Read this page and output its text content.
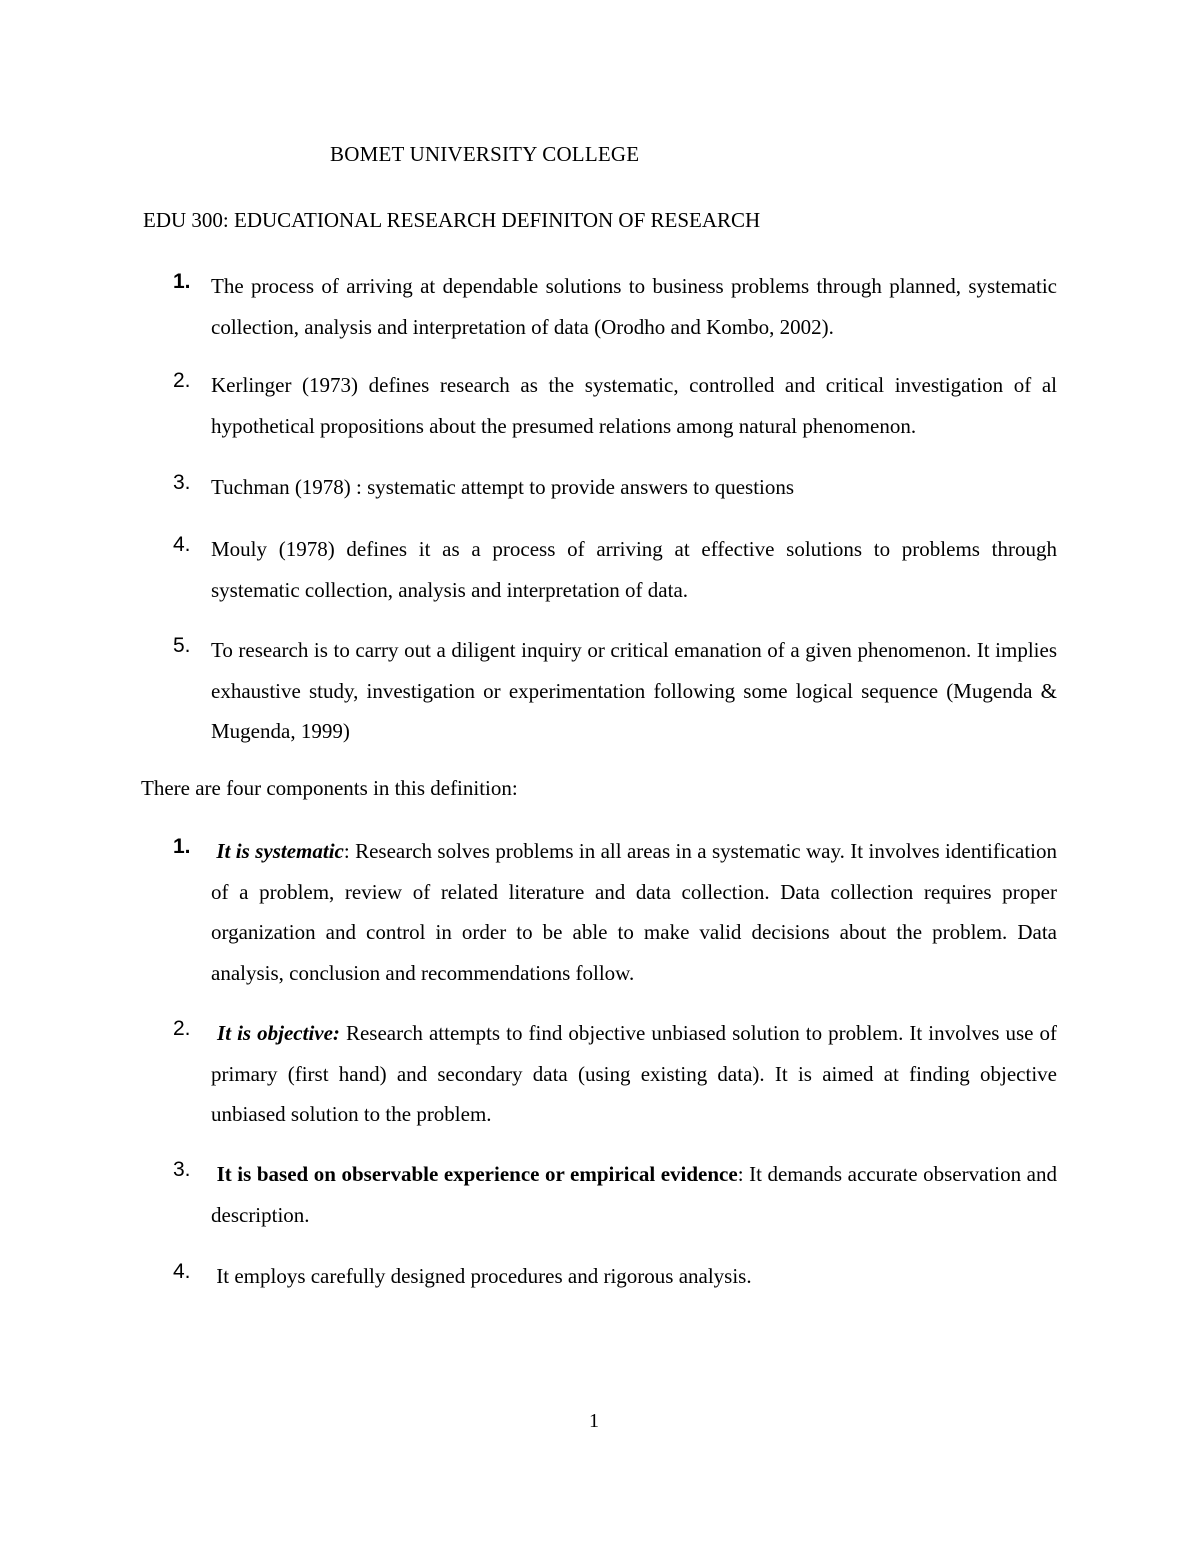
BOMET UNIVERSITY COLLEGE
EDU 300: EDUCATIONAL RESEARCH DEFINITON OF RESEARCH
1. The process of arriving at dependable solutions to business problems through planned, systematic collection, analysis and interpretation of data (Orodho and Kombo, 2002).
2. Kerlinger (1973) defines research as the systematic, controlled and critical investigation of al hypothetical propositions about the presumed relations among natural phenomenon.
3. Tuchman (1978) : systematic attempt to provide answers to questions
4. Mouly (1978) defines it as a process of arriving at effective solutions to problems through systematic collection, analysis and interpretation of data.
5. To research is to carry out a diligent inquiry or critical emanation of a given phenomenon. It implies exhaustive study, investigation or experimentation following some logical sequence (Mugenda & Mugenda, 1999)
There are four components in this definition:
1. It is systematic: Research solves problems in all areas in a systematic way. It involves identification of a problem, review of related literature and data collection. Data collection requires proper organization and control in order to be able to make valid decisions about the problem. Data analysis, conclusion and recommendations follow.
2. It is objective: Research attempts to find objective unbiased solution to problem. It involves use of primary (first hand) and secondary data (using existing data). It is aimed at finding objective unbiased solution to the problem.
3. It is based on observable experience or empirical evidence: It demands accurate observation and description.
4. It employs carefully designed procedures and rigorous analysis.
1
